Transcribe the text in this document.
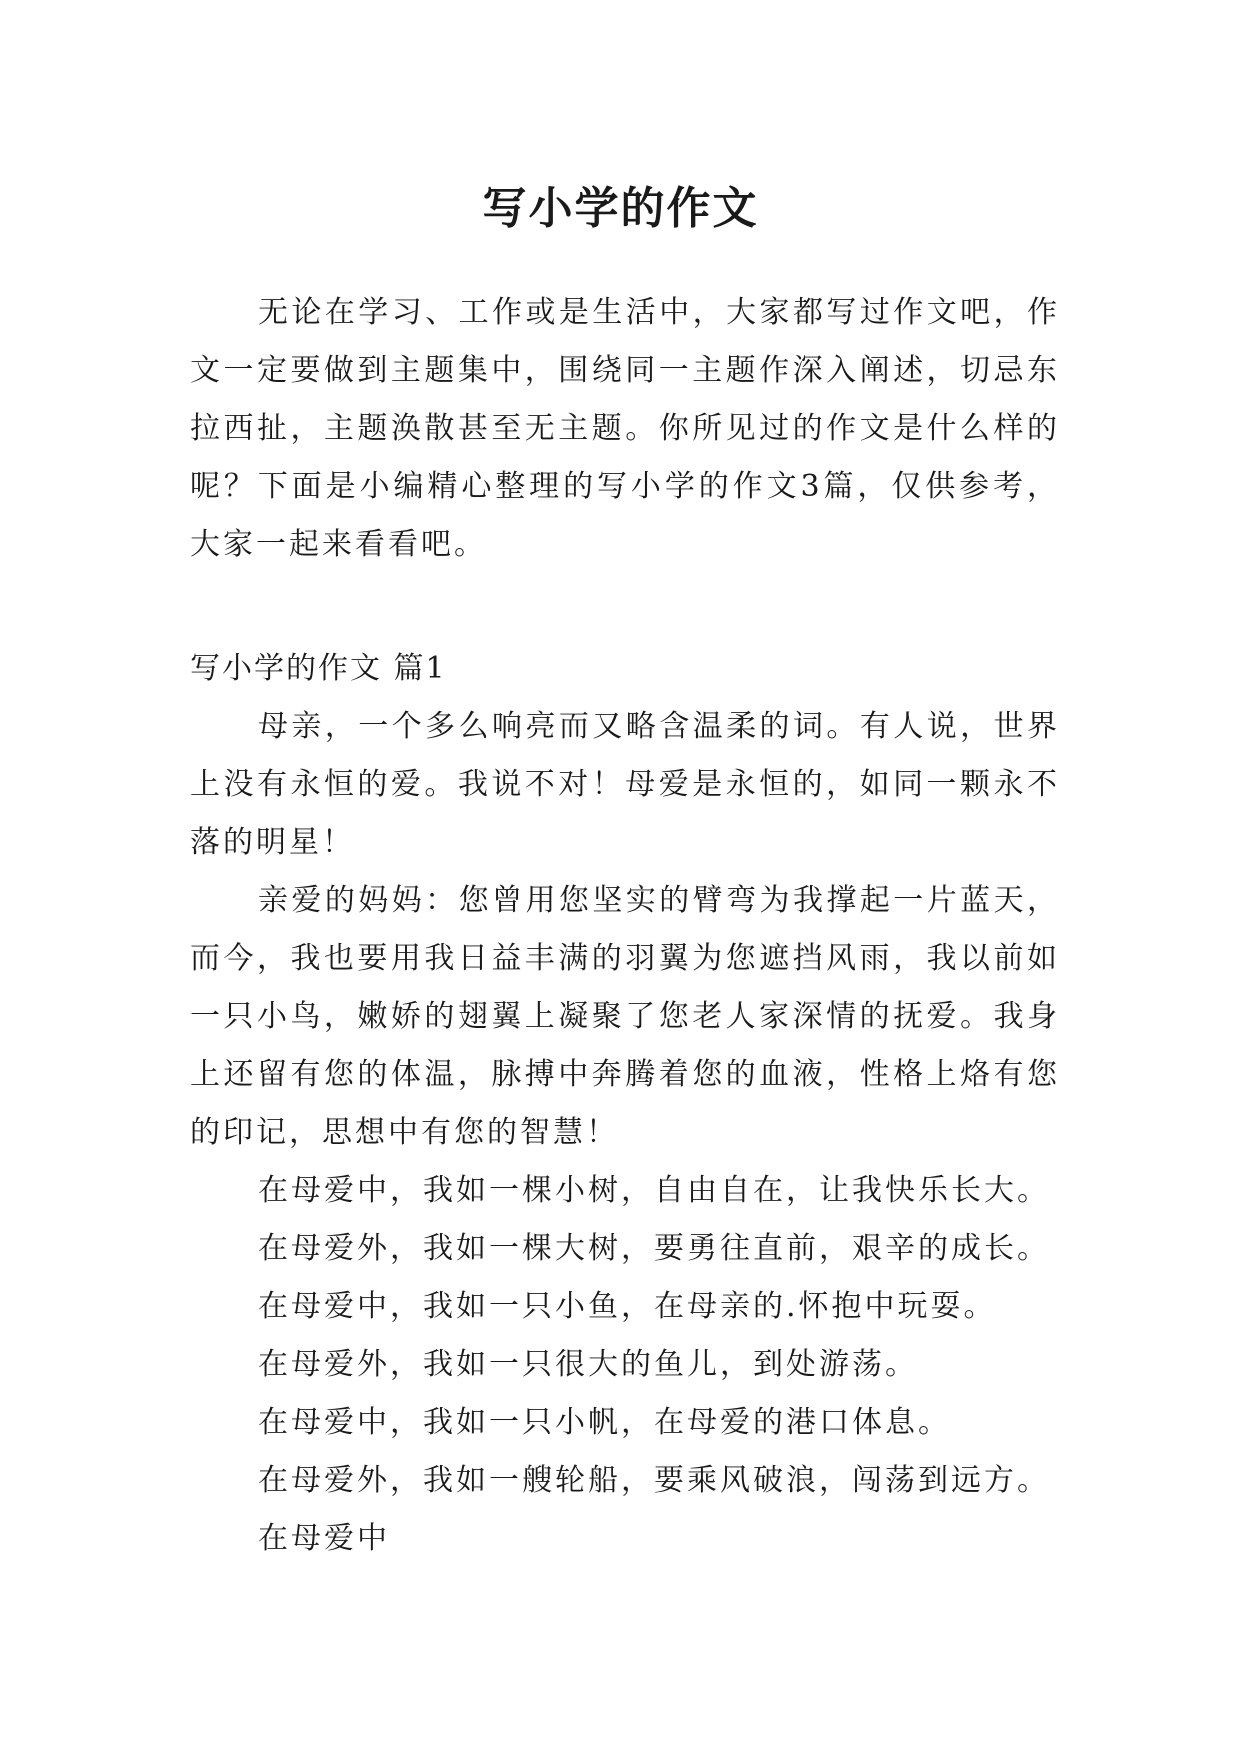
写小学的作文

无论在学习、工作或是生活中，大家都写过作文吧，作文一定要做到主题集中，围绕同一主题作深入阐述，切忌东拉西扯，主题涣散甚至无主题。你所见过的作文是什么样的呢？下面是小编精心整理的写小学的作文3篇，仅供参考，大家一起来看看吧。

写小学的作文 篇1

母亲，一个多么响亮而又略含温柔的词。有人说，世界上没有永恒的爱。我说不对！母爱是永恒的，如同一颗永不落的明星！

亲爱的妈妈：您曾用您坚实的臂弯为我撑起一片蓝天，而今，我也要用我日益丰满的羽翼为您遮挡风雨，我以前如一只小鸟，嫩娇的翅翼上凝聚了您老人家深情的抚爱。我身上还留有您的体温，脉搏中奔腾着您的血液，性格上烙有您的印记，思想中有您的智慧！

在母爱中，我如一棵小树，自由自在，让我快乐长大。

在母爱外，我如一棵大树，要勇往直前，艰辛的成长。

在母爱中，我如一只小鱼，在母亲的.怀抱中玩耍。

在母爱外，我如一只很大的鱼儿，到处游荡。

在母爱中，我如一只小帆，在母爱的港口体息。

在母爱外，我如一艘轮船，要乘风破浪，闯荡到远方。

在母爱中
